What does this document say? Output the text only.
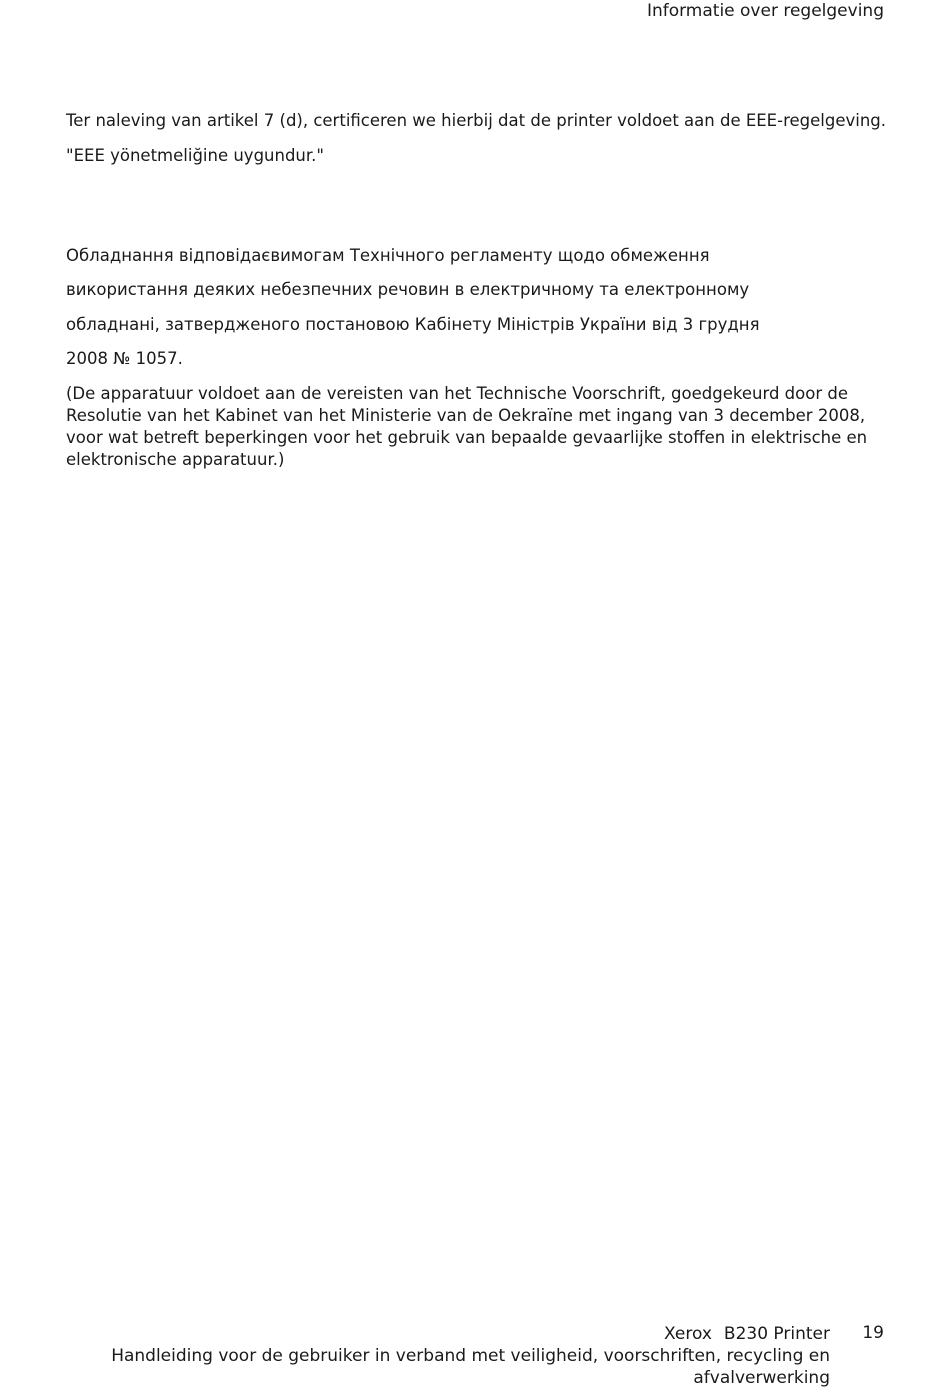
Informatie over regelgeving
Ter naleving van artikel 7 (d), certificeren we hierbij dat de printer voldoet aan de EEE-regelgeving.
"EEE yönetmeliğine uygundur."
Обладнання відповідаєвимогам Технічного регламенту щодо обмеження
використання деяких небезпечних речовин в електричному та електронному
обладнані, затвердженого постановою Кабінету Міністрів України від 3 грудня
2008 № 1057.
(De apparatuur voldoet aan de vereisten van het Technische Voorschrift, goedgekeurd door de Resolutie van het Kabinet van het Ministerie van de Oekraïne met ingang van 3 december 2008, voor wat betreft beperkingen voor het gebruik van bepaalde gevaarlijke stoffen in elektrische en elektronische apparatuur.)
Xerox B230 Printer 19
Handleiding voor de gebruiker in verband met veiligheid, voorschriften, recycling en afvalverwerking
